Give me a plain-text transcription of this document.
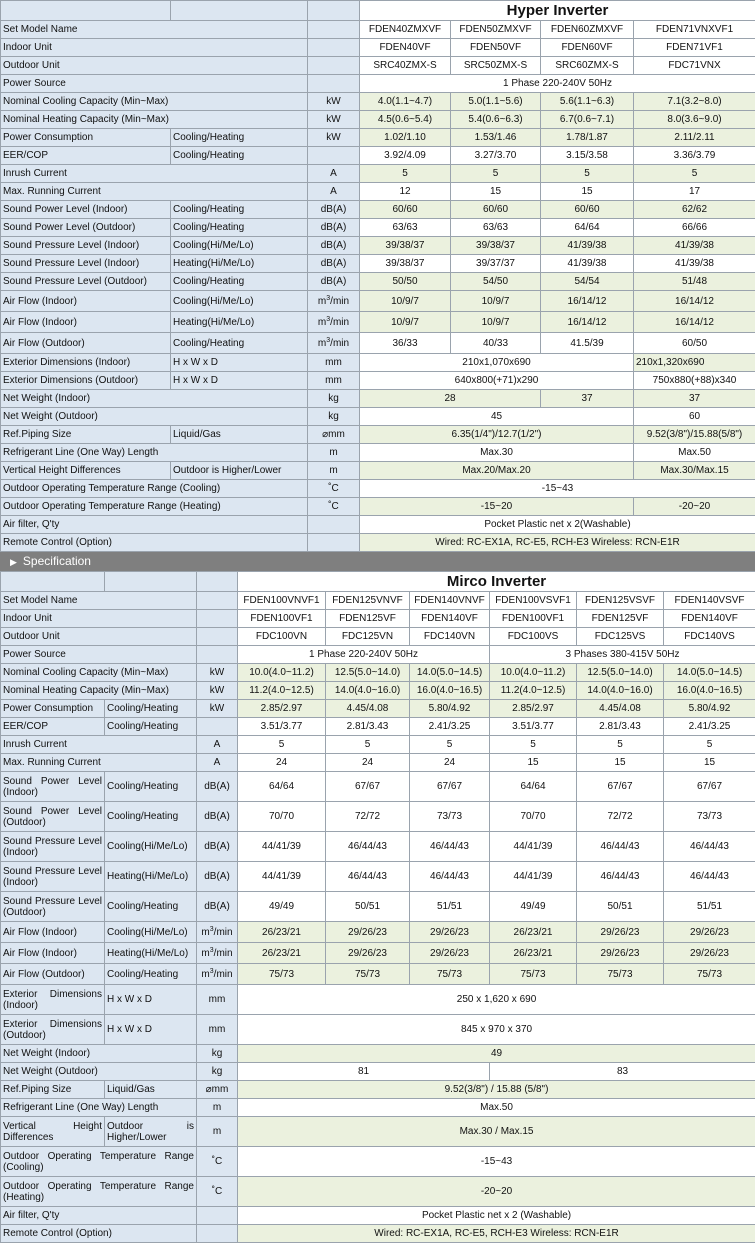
			Hyper Inverter			
Set Model Name			FDEN40ZMXVF	FDEN50ZMXVF	FDEN60ZMXVF	FDEN71VNXVF1
Indoor Unit			FDEN40VF	FDEN50VF	FDEN60VF	FDEN71VF1
Outdoor Unit			SRC40ZMX-S	SRC50ZMX-S	SRC60ZMX-S	FDC71VNX
Power Source			1 Phase 220-240V 50Hz			
Nominal Cooling Capacity (Min~Max)		kW	4.0(1.1~4.7)	5.0(1.1~5.6)	5.6(1.1~6.3)	7.1(3.2~8.0)
Nominal Heating Capacity (Min~Max)		kW	4.5(0.6~5.4)	5.4(0.6~6.3)	6.7(0.6~7.1)	8.0(3.6~9.0)
Power Consumption	Cooling/Heating	kW	1.02/1.10	1.53/1.46	1.78/1.87	2.11/2.11
EER/COP	Cooling/Heating		3.92/4.09	3.27/3.70	3.15/3.58	3.36/3.79
Inrush Current		A	5	5	5	5
Max. Running Current		A	12	15	15	17
Sound Power Level (Indoor)	Cooling/Heating	dB(A)	60/60	60/60	60/60	62/62
Sound Power Level (Outdoor)	Cooling/Heating	dB(A)	63/63	63/63	64/64	66/66
Sound Pressure Level (Indoor)	Cooling(Hi/Me/Lo)	dB(A)	39/38/37	39/38/37	41/39/38	41/39/38
Sound Pressure Level (Indoor)	Heating(Hi/Me/Lo)	dB(A)	39/38/37	39/37/37	41/39/38	41/39/38
Sound Pressure Level (Outdoor)	Cooling/Heating	dB(A)	50/50	54/50	54/54	51/48
Air Flow (Indoor)	Cooling(Hi/Me/Lo)	$m^3/\min$	10/9/7	10/9/7	16/14/12	16/14/12
Air Flow (Indoor)	Heating(Hi/Me/Lo)	$m^3/\min$	10/9/7	10/9/7	16/14/12	16/14/12
Air Flow (Outdoor)	Cooling/Heating	$m^3/\min$	36/33	40/33	41.5/39	60/50
Exterior Dimensions (Indoor)	H x W x D	mm	210x1,070x690			210x1,320x690
Exterior Dimensions (Outdoor)	H x W x D	mm	640x800(+71)x290			750x880(+88)x340
Net Weight (Indoor)		kg	28		37	37
Net Weight (Outdoor)		kg	45			60
Ref.Piping Size	Liquid/Gas	⌀mm	6.35(1/4")/12.7(1/2")			9.52(3/8")/15.88(5/8")
Refrigerant Line (One Way) Length		m	Max.30			Max.50
Vertical Height Differences	Outdoor is Higher/Lower	m	Max.20/Max.20			Max.30/Max.15
Outdoor Operating Temperature Range (Cooling)		˚C	-15~43			
Outdoor Operating Temperature Range (Heating)		˚C	-15~20			-20~20
Air filter, Q'ty			Pocket Plastic net x 2(Washable)			
Remote Control (Option)			Wired: RC-EX1A, RC-E5, RCH-E3 Wireless: RCN-E1R			
▶ Specification
			Mirco Inverter					
Set Model Name			FDEN100VNVF1	FDEN125VNVF	FDEN140VNVF	FDEN100VSVF1	FDEN125VSVF	FDEN140VSVF
Indoor Unit			FDEN100VF1	FDEN125VF	FDEN140VF	FDEN100VF1	FDEN125VF	FDEN140VF
Outdoor Unit			FDC100VN	FDC125VN	FDC140VN	FDC100VS	FDC125VS	FDC140VS
Power Source			1 Phase 220-240V 50Hz			3 Phases 380-415V 50Hz		
Nominal Cooling Capacity (Min~Max)		kW	10.0(4.0~11.2)	12.5(5.0~14.0)	14.0(5.0~14.5)	10.0(4.0~11.2)	12.5(5.0~14.0)	14.0(5.0~14.5)
Nominal Heating Capacity (Min~Max)		kW	11.2(4.0~12.5)	14.0(4.0~16.0)	16.0(4.0~16.5)	11.2(4.0~12.5)	14.0(4.0~16.0)	16.0(4.0~16.5)
Power Consumption	Cooling/Heating	kW	2.85/2.97	4.45/4.08	5.80/4.92	2.85/2.97	4.45/4.08	5.80/4.92
EER/COP	Cooling/Heating		3.51/3.77	2.81/3.43	2.41/3.25	3.51/3.77	2.81/3.43	2.41/3.25
Inrush Current		A	5	5	5	5	5	5
Max. Running Current		A	24	24	24	15	15	15
Sound Power Level (Indoor)	Cooling/Heating	dB(A)	64/64	67/67	67/67	64/64	67/67	67/67
Sound Power Level (Outdoor)	Cooling/Heating	dB(A)	70/70	72/72	73/73	70/70	72/72	73/73
Sound Pressure Level (Indoor)	Cooling(Hi/Me/Lo)	dB(A)	44/41/39	46/44/43	46/44/43	44/41/39	46/44/43	46/44/43
Sound Pressure Level (Indoor)	Heating(Hi/Me/Lo)	dB(A)	44/41/39	46/44/43	46/44/43	44/41/39	46/44/43	46/44/43
Sound Pressure Level (Outdoor)	Cooling/Heating	dB(A)	49/49	50/51	51/51	49/49	50/51	51/51
Air Flow (Indoor)	Cooling(Hi/Me/Lo)	$m^3/\min$	26/23/21	29/26/23	29/26/23	26/23/21	29/26/23	29/26/23
Air Flow (Indoor)	Heating(Hi/Me/Lo)	$m^3/\min$	26/23/21	29/26/23	29/26/23	26/23/21	29/26/23	29/26/23
Air Flow (Outdoor)	Cooling/Heating	$m^3/\min$	75/73	75/73	75/73	75/73	75/73	75/73
Exterior Dimensions (Indoor)	H x W x D	mm	250 x 1,620 x 690					
Exterior Dimensions (Outdoor)	H x W x D	mm	845 x 970 x 370					
Net Weight (Indoor)		kg	49					
Net Weight (Outdoor)		kg	81			83		
Ref.Piping Size	Liquid/Gas	⌀mm	9.52(3/8") / 15.88 (5/8")					
Refrigerant Line (One Way) Length		m	Max.50					
Vertical Height Differences	Outdoor is Higher/Lower	m	Max.30 / Max.15					
Outdoor Operating Temperature Range (Cooling)		˚C	-15~43					
Outdoor Operating Temperature Range (Heating)		˚C	-20~20					
Air filter, Q'ty			Pocket Plastic net x 2 (Washable)					
Remote Control (Option)			Wired: RC-EX1A, RC-E5, RCH-E3 Wireless: RCN-E1R					
